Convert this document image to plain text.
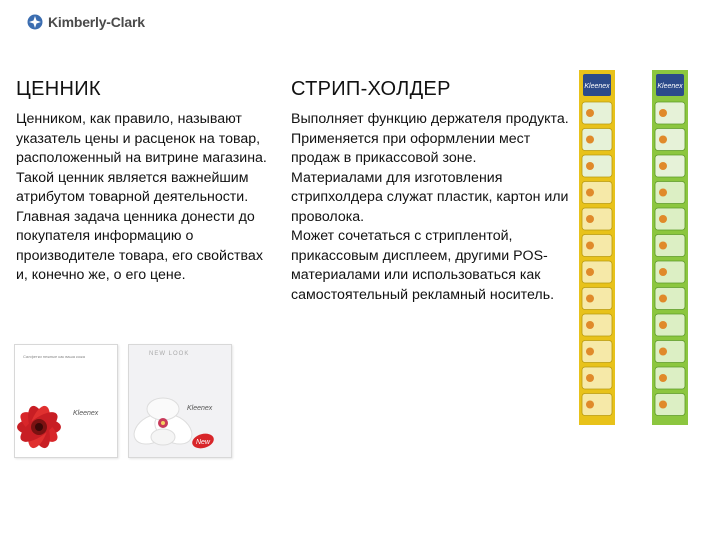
Kimberly-Clark
ЦЕННИК
Ценником, как правило, называют указатель цены и расценок на товар, расположенный на витрине магазина. Такой ценник является важнейшим атрибутом товарной деятельности. Главная задача ценника донести до покупателя информацию о производителе товара, его свойствах и, конечно же, о его цене.
СТРИП-ХОЛДЕР
Выполняет функцию держателя продукта.
Применяется при оформлении мест продаж в прикассовой зоне.
Материалами для изготовления стрипхолдера служат пластик, картон или проволока.
Может сочетаться с стриплентой, прикассовым дисплеем, другими POS-материалами или использоваться как самостоятельный рекламный носитель.
Салфетки нежные как ваша кожа
Kleenex
NEW LOOK
Kleenex
New
Kleenex	Kleenex
